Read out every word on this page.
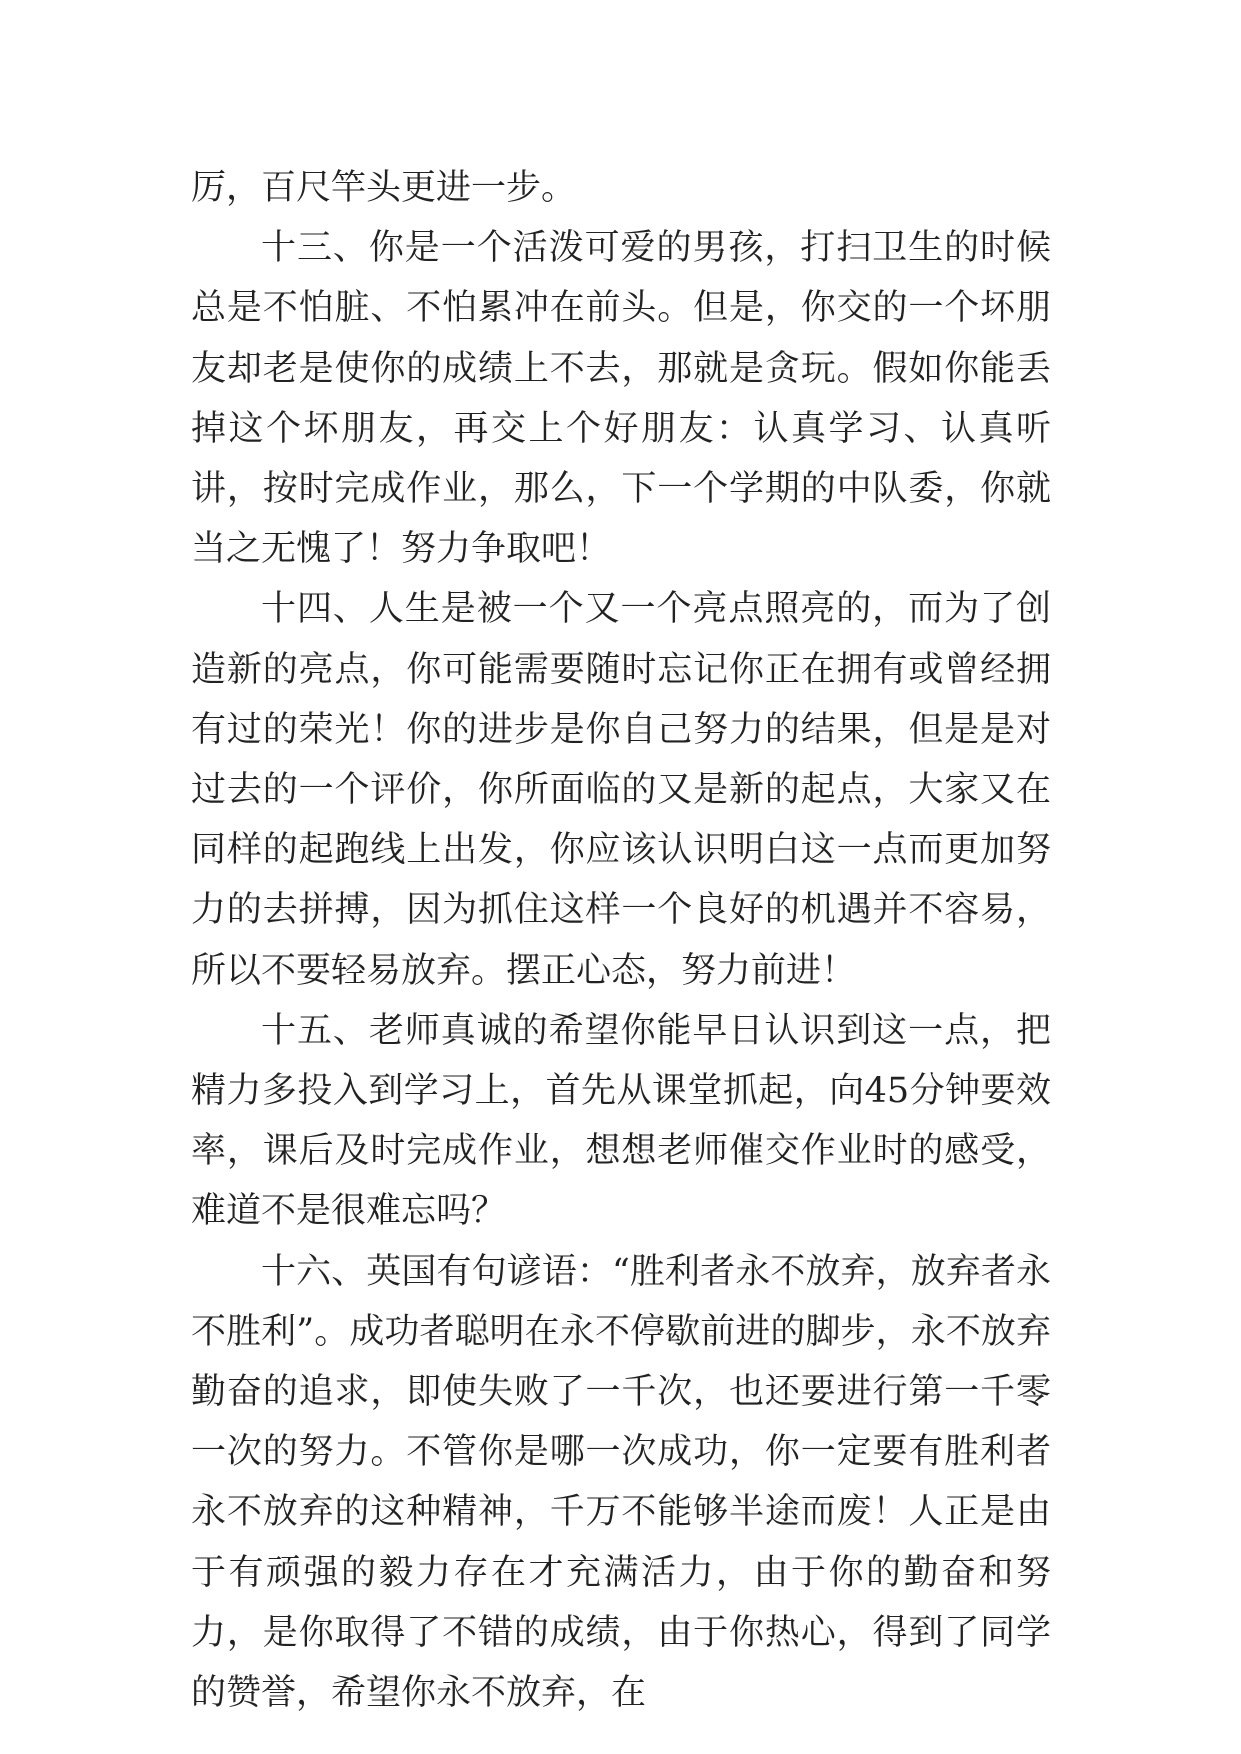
厉，百尺竿头更进一步。

十三、你是一个活泼可爱的男孩，打扫卫生的时候总是不怕脏、不怕累冲在前头。但是，你交的一个坏朋友却老是使你的成绩上不去，那就是贪玩。假如你能丢掉这个坏朋友，再交上个好朋友：认真学习、认真听讲，按时完成作业，那么，下一个学期的中队委，你就当之无愧了！努力争取吧！

十四、人生是被一个又一个亮点照亮的，而为了创造新的亮点，你可能需要随时忘记你正在拥有或曾经拥有过的荣光！你的进步是你自己努力的结果，但是是对过去的一个评价，你所面临的又是新的起点，大家又在同样的起跑线上出发，你应该认识明白这一点而更加努力的去拼搏，因为抓住这样一个良好的机遇并不容易，所以不要轻易放弃。摆正心态，努力前进！

十五、老师真诚的希望你能早日认识到这一点，把精力多投入到学习上，首先从课堂抓起，向45分钟要效率，课后及时完成作业，想想老师催交作业时的感受，难道不是很难忘吗？

十六、英国有句谚语：“胜利者永不放弃，放弃者永不胜利”。成功者聪明在永不停歇前进的脚步，永不放弃勤奋的追求，即使失败了一千次，也还要进行第一千零一次的努力。不管你是哪一次成功，你一定要有胜利者永不放弃的这种精神，千万不能够半途而废！人正是由于有顽强的毅力存在才充满活力，由于你的勤奋和努力，是你取得了不错的成绩，由于你热心，得到了同学的赞誉，希望你永不放弃，在
